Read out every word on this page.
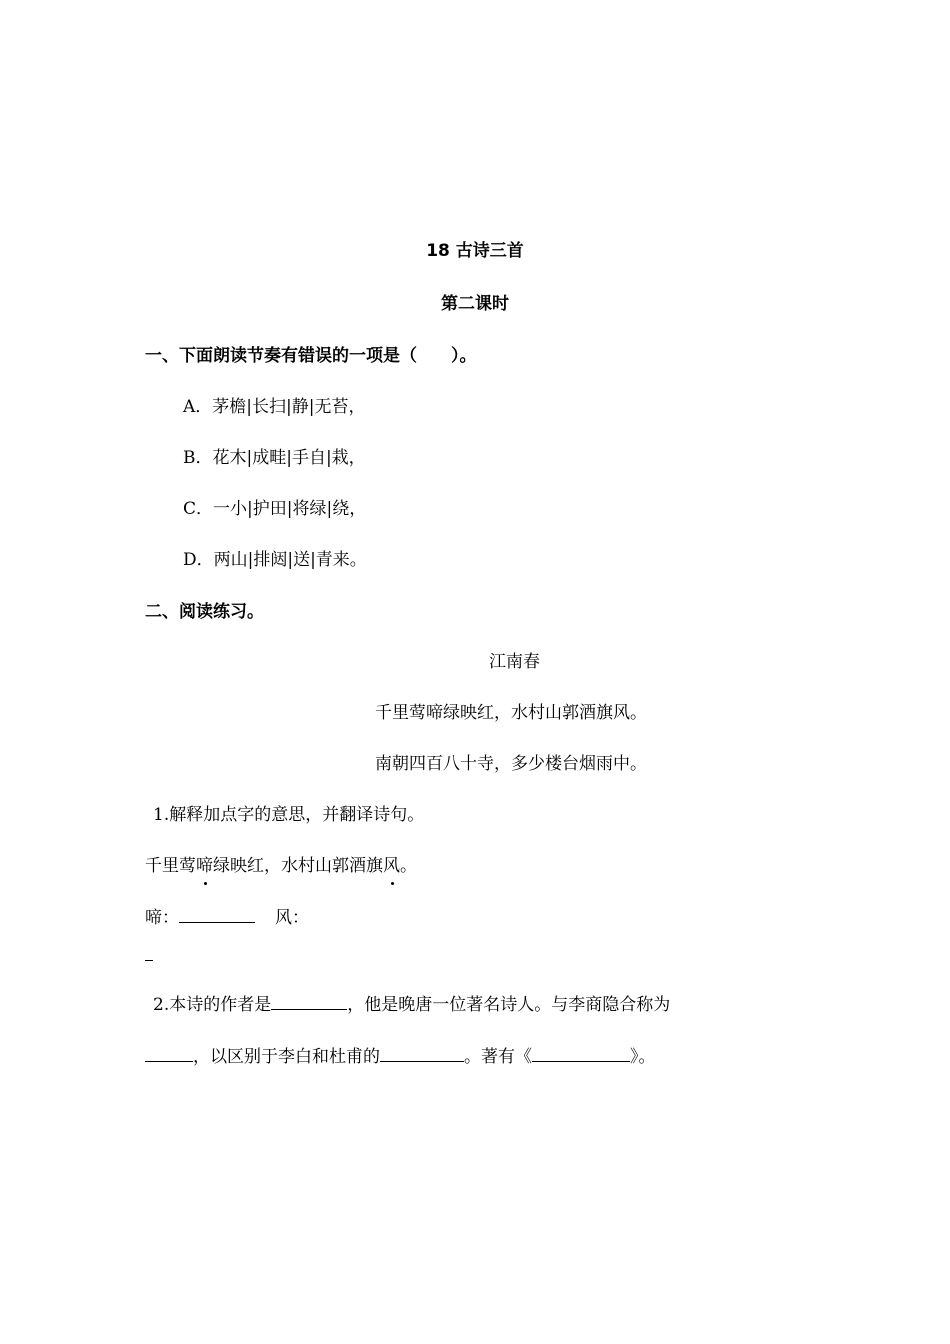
18 古诗三首
第二课时
一、下面朗读节奏有错误的一项是（　　）。
A．茅檐|长扫|静|无苔，
B．花木|成畦|手自|栽，
C．一小|护田|将绿|绕，
D．两山|排闼|送|青来。
二、阅读练习。
江南春
千里莺啼绿映红，水村山郭酒旗风。
南朝四百八十寺，多少楼台烟雨中。
1.解释加点字的意思，并翻译诗句。
千里莺啼绿映红，水村山郭酒旗风。
啼：	风：
2.本诗的作者是	，他是晚唐一位著名诗人。与李商隐合称为
，以区别于李白和杜甫的	。著有《	》。
